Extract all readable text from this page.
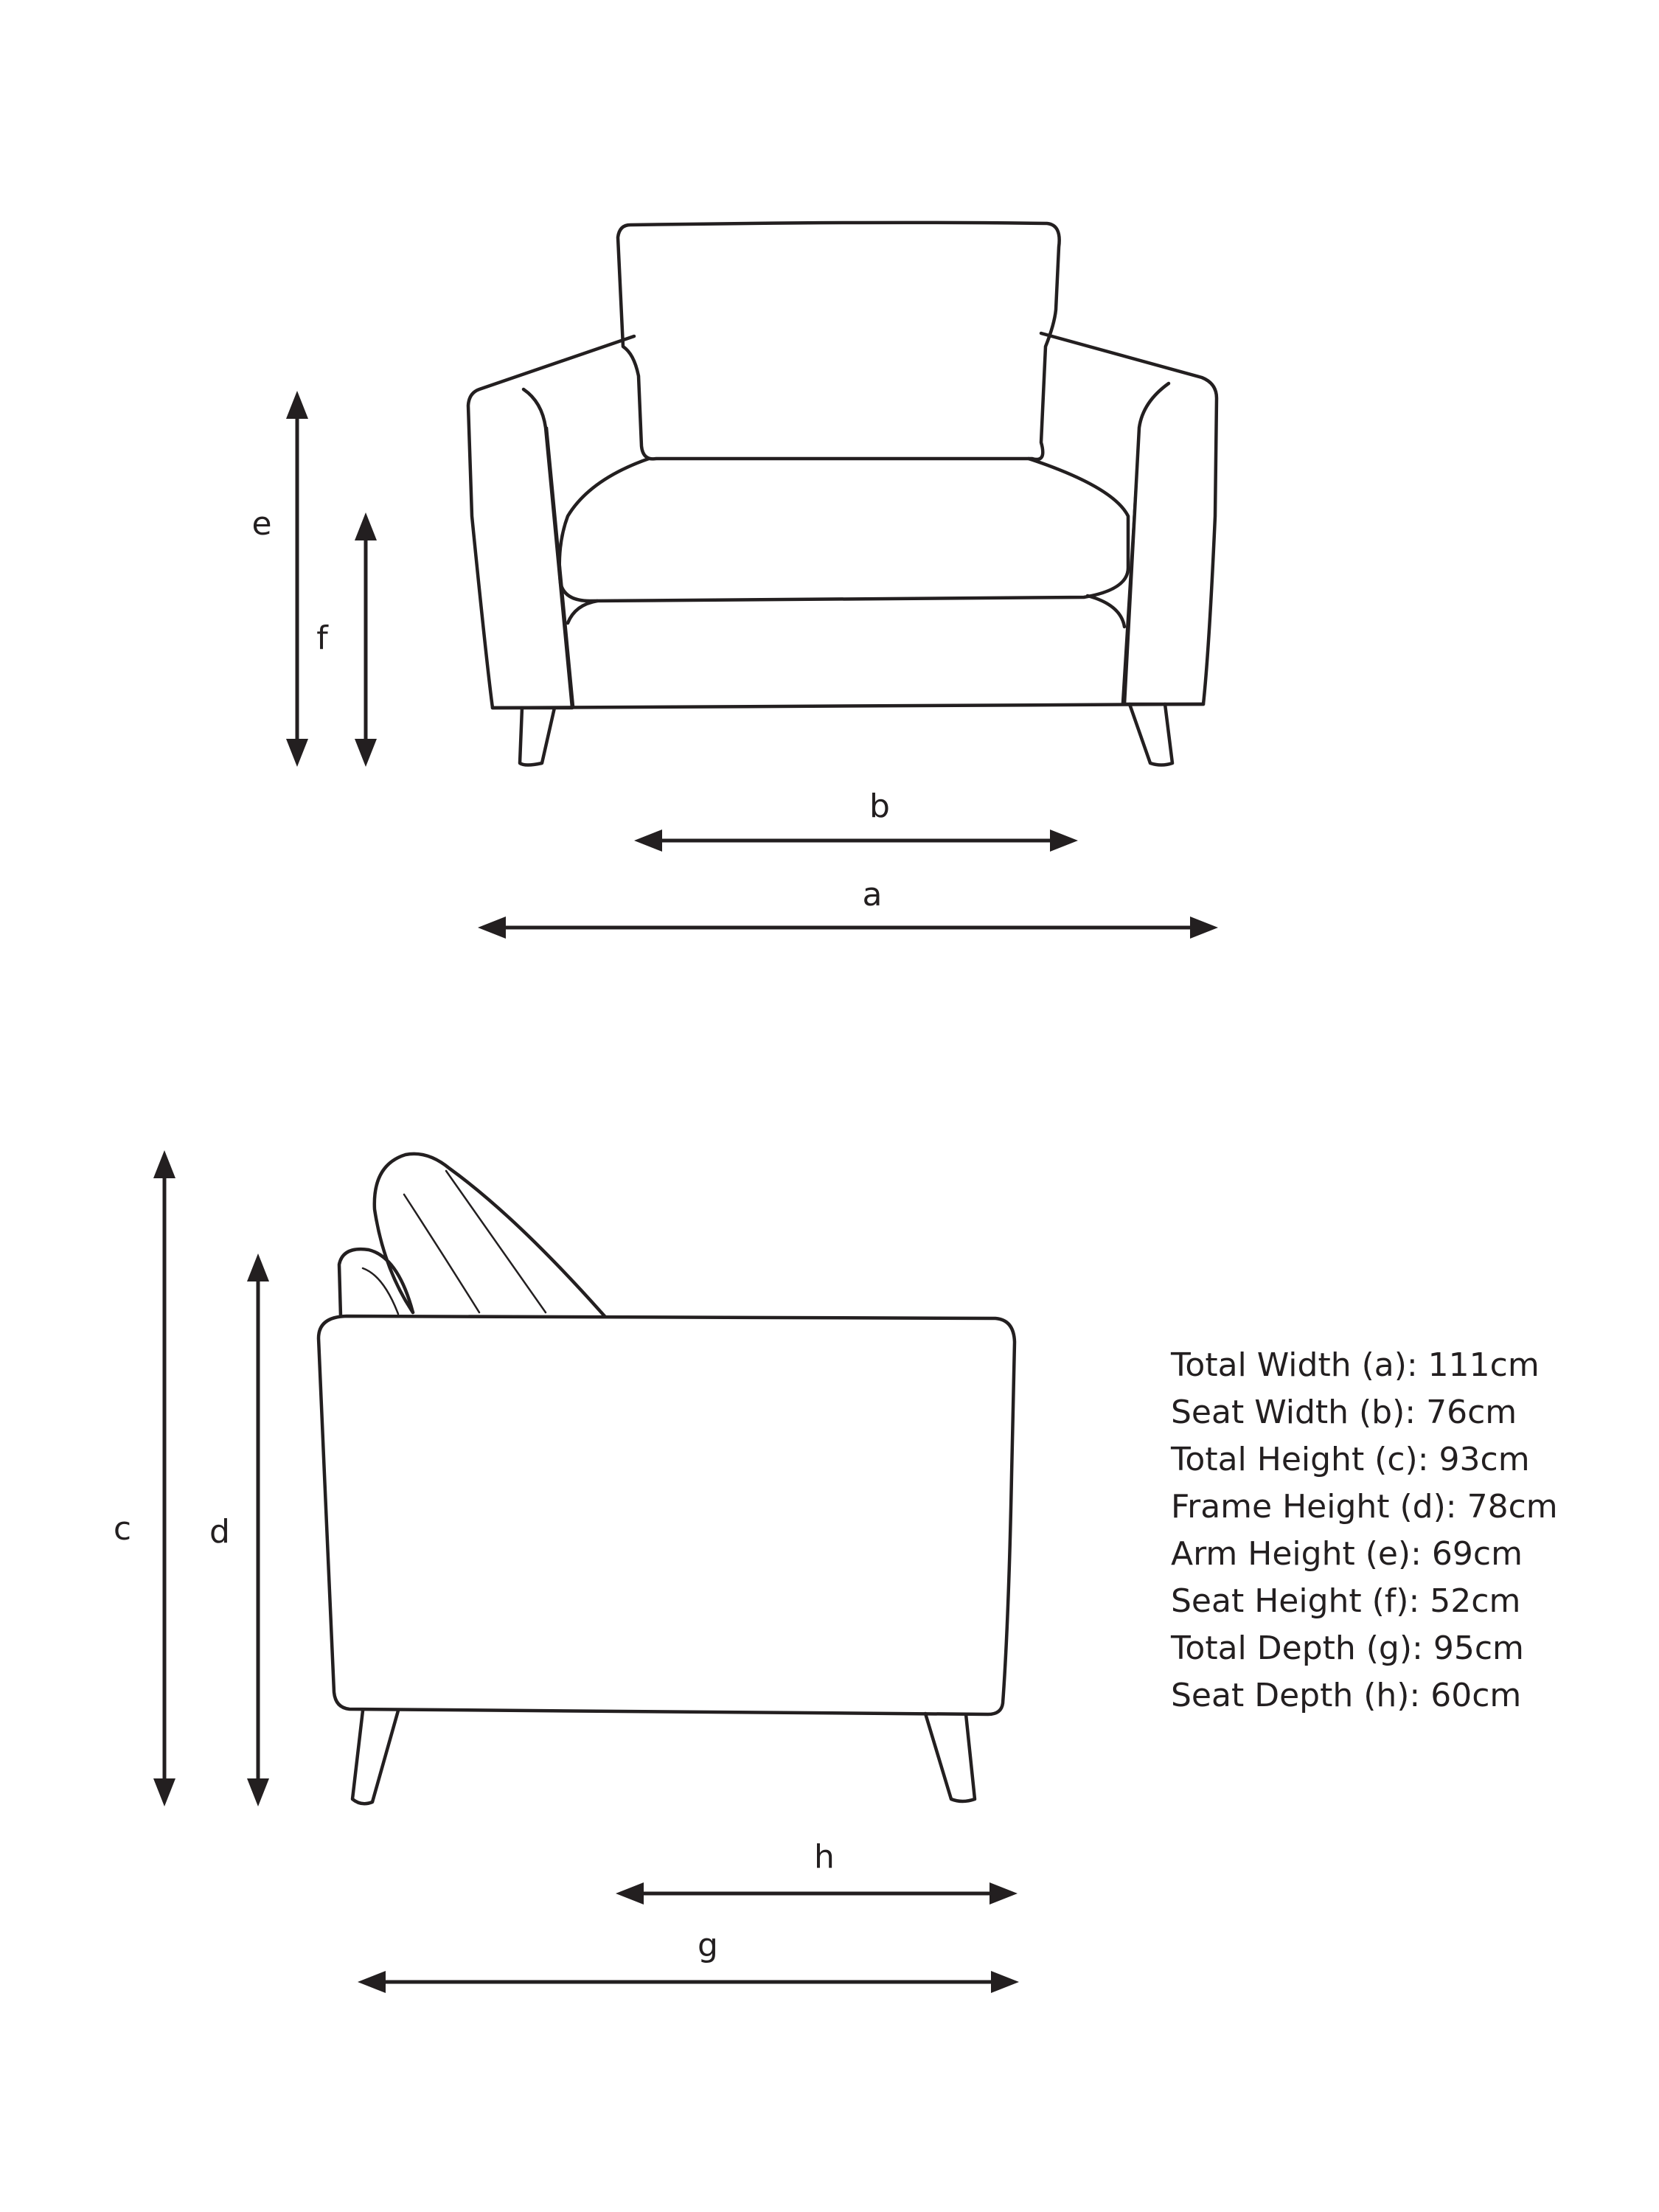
e
f
b
a
c d
h
g
Total Width (a): 111cm
Seat Width (b): 76cm
Total Height (c): 93cm
Frame Height (d): 78cm
Arm Height (e): 69cm
Seat Height (f): 52cm
Total Depth (g): 95cm
Seat Depth (h): 60cm
